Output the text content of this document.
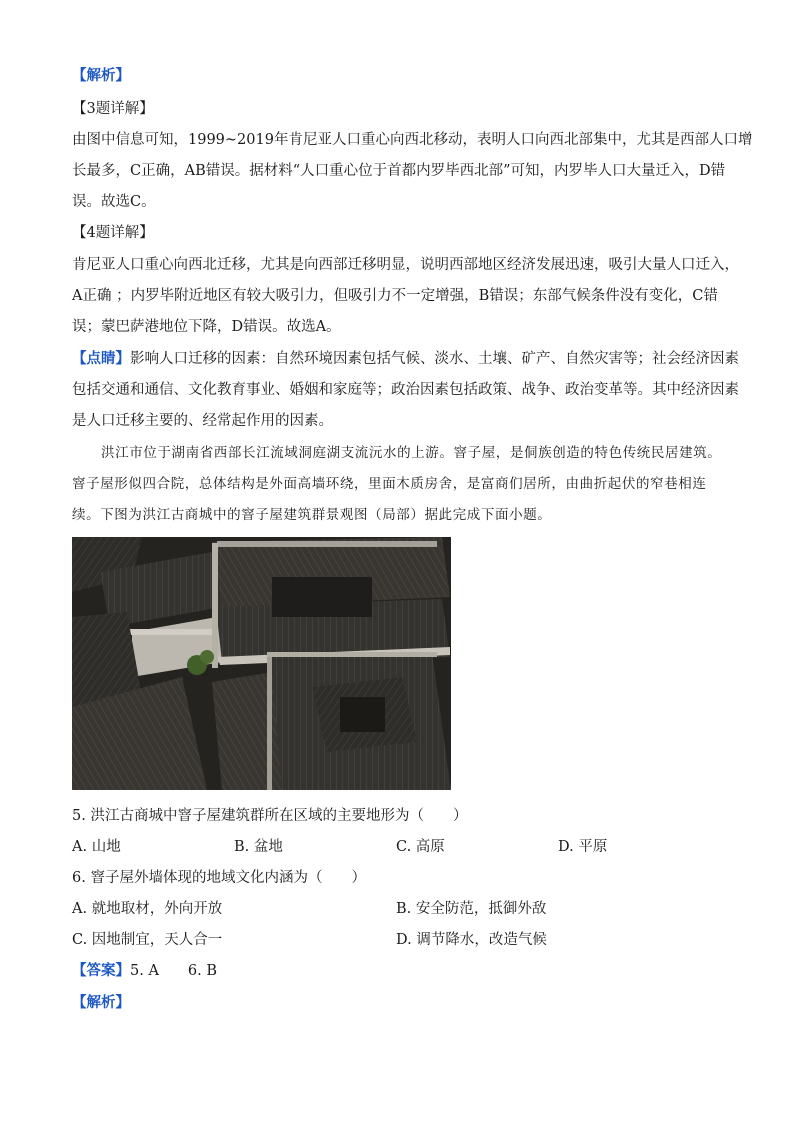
【解析】
【3题详解】
由图中信息可知，1999~2019年肯尼亚人口重心向西北移动，表明人口向西北部集中，尤其是西部人口增
长最多，C正确，AB错误。据材料“人口重心位于首都内罗毕西北部”可知，内罗毕人口大量迁入，D错
误。故选C。
【4题详解】
肯尼亚人口重心向西北迁移，尤其是向西部迁移明显，说明西部地区经济发展迅速，吸引大量人口迁入，
A正确 ；内罗毕附近地区有较大吸引力，但吸引力不一定增强，B错误；东部气候条件没有变化，C错
误；蒙巴萨港地位下降，D错误。故选A。
【点睛】影响人口迁移的因素：自然环境因素包括气候、淡水、土壤、矿产、自然灾害等；社会经济因素
包括交通和通信、文化教育事业、婚姻和家庭等；政治因素包括政策、战争、政治变革等。其中经济因素
是人口迁移主要的、经常起作用的因素。
洪江市位于湖南省西部长江流域洞庭湖支流沅水的上游。窨子屋，是侗族创造的特色传统民居建筑。
窨子屋形似四合院，总体结构是外面高墙环绕，里面木质房舍，是富商们居所，由曲折起伏的窄巷相连
续。下图为洪江古商城中的窨子屋建筑群景观图（局部）据此完成下面小题。
5. 洪江古商城中窨子屋建筑群所在区域的主要地形为（　　）
A. 山地	B. 盆地	C. 高原	D. 平原
6. 窨子屋外墙体现的地域文化内涵为（　　）
A. 就地取材，外向开放	B. 安全防范，抵御外敌
C. 因地制宜，天人合一	D. 调节降水，改造气候
【答案】5. A　　6. B
【解析】
